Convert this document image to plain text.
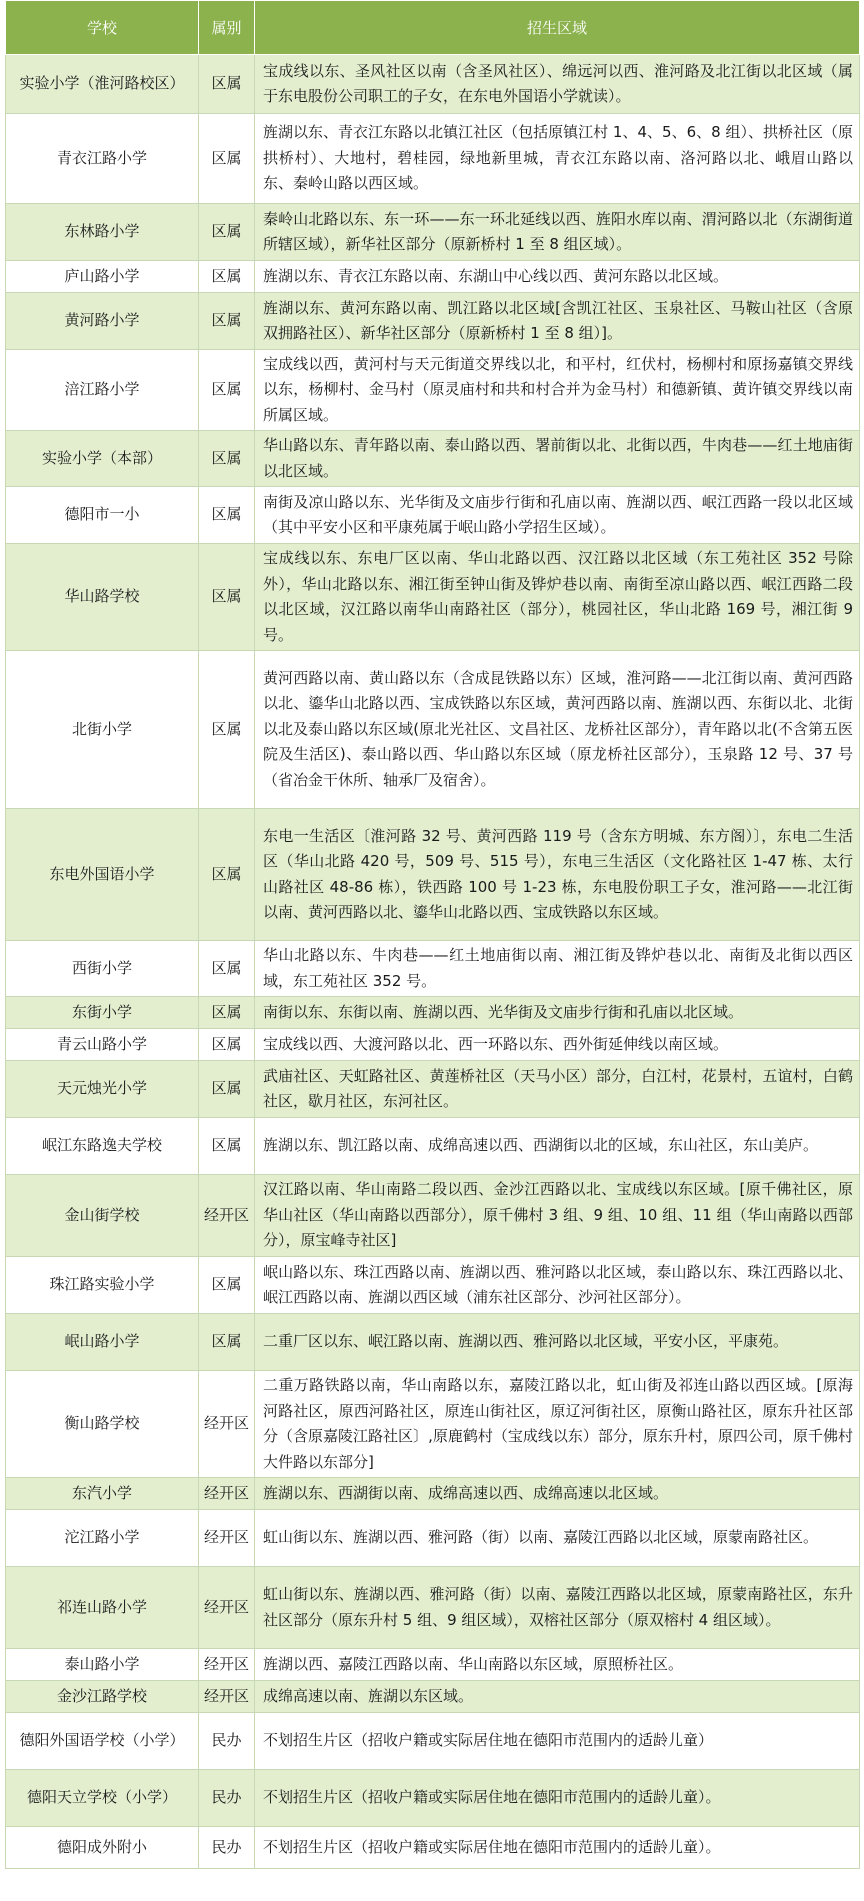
学校	属别	招生区域
实验小学（淮河路校区）	区属	宝成线以东、圣风社区以南（含圣风社区）、绵远河以西、淮河路及北江街以北区域（属于东电股份公司职工的子女，在东电外国语小学就读）。
青衣江路小学	区属	旌湖以东、青衣江东路以北镇江社区（包括原镇江村 1、4、5、6、8 组）、拱桥社区（原拱桥村）、大地村，碧桂园，绿地新里城，青衣江东路以南、洛河路以北、峨眉山路以东、秦岭山路以西区域。
东林路小学	区属	秦岭山北路以东、东一环——东一环北延线以西、旌阳水库以南、渭河路以北（东湖街道所辖区域），新华社区部分（原新桥村 1 至 8 组区域）。
庐山路小学	区属	旌湖以东、青衣江东路以南、东湖山中心线以西、黄河东路以北区域。
黄河路小学	区属	旌湖以东、黄河东路以南、凯江路以北区域[含凯江社区、玉泉社区、马鞍山社区（含原双拥路社区）、新华社区部分（原新桥村 1 至 8 组）]。
涪江路小学	区属	宝成线以西，黄河村与天元街道交界线以北，和平村，红伏村，杨柳村和原扬嘉镇交界线以东，杨柳村、金马村（原灵庙村和共和村合并为金马村）和德新镇、黄许镇交界线以南所属区域。
实验小学（本部）	区属	华山路以东、青年路以南、泰山路以西、署前街以北、北街以西，牛肉巷——红土地庙街以北区域。
德阳市一小	区属	南街及凉山路以东、光华街及文庙步行街和孔庙以南、旌湖以西、岷江西路一段以北区域（其中平安小区和平康苑属于岷山路小学招生区域）。
华山路学校	区属	宝成线以东、东电厂区以南、华山北路以西、汉江路以北区域（东工苑社区 352 号除外），华山北路以东、湘江街至钟山街及铧炉巷以南、南街至凉山路以西、岷江西路二段以北区域，汉江路以南华山南路社区（部分），桃园社区，华山北路 169 号，湘江街 9 号。
北街小学	区属	黄河西路以南、黄山路以东（含成昆铁路以东）区域，淮河路——北江街以南、黄河西路以北、鎏华山北路以西、宝成铁路以东区域，黄河西路以南、旌湖以西、东街以北、北街以北及泰山路以东区域(原北光社区、文昌社区、龙桥社区部分），青年路以北(不含第五医院及生活区)、泰山路以西、华山路以东区域（原龙桥社区部分），玉泉路 12 号、37 号（省冶金干休所、轴承厂及宿舍）。
东电外国语小学	区属	东电一生活区〔淮河路 32 号、黄河西路 119 号（含东方明城、东方阁）〕，东电二生活区（华山北路 420 号，509 号、515 号），东电三生活区（文化路社区 1-47 栋、太行山路社区 48-86 栋），铁西路 100 号 1-23 栋，东电股份职工子女，淮河路——北江街以南、黄河西路以北、鎏华山北路以西、宝成铁路以东区域。
西街小学	区属	华山北路以东、牛肉巷——红土地庙街以南、湘江街及铧炉巷以北、南街及北街以西区域，东工苑社区 352 号。
东街小学	区属	南街以东、东街以南、旌湖以西、光华街及文庙步行街和孔庙以北区域。
青云山路小学	区属	宝成线以西、大渡河路以北、西一环路以东、西外街延伸线以南区域。
天元烛光小学	区属	武庙社区、天虹路社区、黄莲桥社区（天马小区）部分，白江村，花景村，五谊村，白鹤社区，歇月社区，东河社区。
岷江东路逸夫学校	区属	旌湖以东、凯江路以南、成绵高速以西、西湖街以北的区域，东山社区，东山美庐。
金山街学校	经开区	汉江路以南、华山南路二段以西、金沙江西路以北、宝成线以东区域。[原千佛社区，原华山社区（华山南路以西部分），原千佛村 3 组、9 组、10 组、11 组（华山南路以西部分），原宝峰寺社区]
珠江路实验小学	区属	岷山路以东、珠江西路以南、旌湖以西、雅河路以北区域，泰山路以东、珠江西路以北、岷江西路以南、旌湖以西区域（浦东社区部分、沙河社区部分）。
岷山路小学	区属	二重厂区以东、岷江路以南、旌湖以西、雅河路以北区域，平安小区，平康苑。
衡山路学校	经开区	二重万路铁路以南，华山南路以东，嘉陵江路以北，虹山街及祁连山路以西区域。[原海河路社区，原西河路社区，原连山街社区，原辽河街社区，原衡山路社区，原东升社区部分（含原嘉陵江路社区〕,原鹿鹤村（宝成线以东）部分，原东升村，原四公司，原千佛村大件路以东部分]
东汽小学	经开区	旌湖以东、西湖街以南、成绵高速以西、成绵高速以北区域。
沱江路小学	经开区	虹山街以东、旌湖以西、雅河路（街）以南、嘉陵江西路以北区域，原蒙南路社区。
祁连山路小学	经开区	虹山街以东、旌湖以西、雅河路（街）以南、嘉陵江西路以北区域，原蒙南路社区，东升社区部分（原东升村 5 组、9 组区域），双榕社区部分（原双榕村 4 组区域）。
泰山路小学	经开区	旌湖以西、嘉陵江西路以南、华山南路以东区域，原照桥社区。
金沙江路学校	经开区	成绵高速以南、旌湖以东区域。
德阳外国语学校（小学）	民办	不划招生片区（招收户籍或实际居住地在德阳市范围内的适龄儿童）
德阳天立学校（小学）	民办	不划招生片区（招收户籍或实际居住地在德阳市范围内的适龄儿童）。
德阳成外附小	民办	不划招生片区（招收户籍或实际居住地在德阳市范围内的适龄儿童）。
